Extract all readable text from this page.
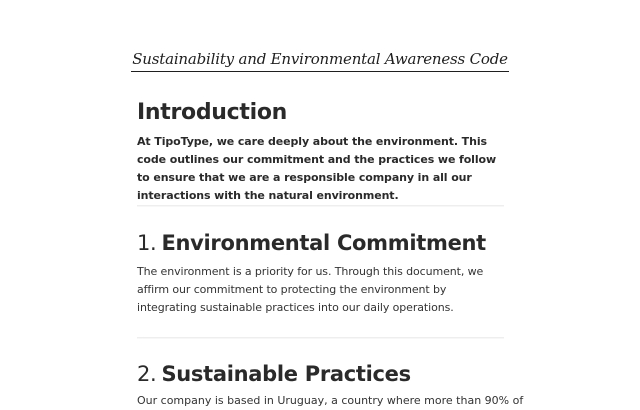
Sustainability and Environmental Awareness Code

Introduction

At TipoType, we care deeply about the environment. This code outlines our commitment and the practices we follow to ensure that we are a responsible company in all our interactions with the natural environment.

1. Environmental Commitment

The environment is a priority for us. Through this document, we affirm our commitment to protecting the environment by integrating sustainable practices into our daily operations.

2. Sustainable Practices
Our company is based in Uruguay, a country where more than 90% of
